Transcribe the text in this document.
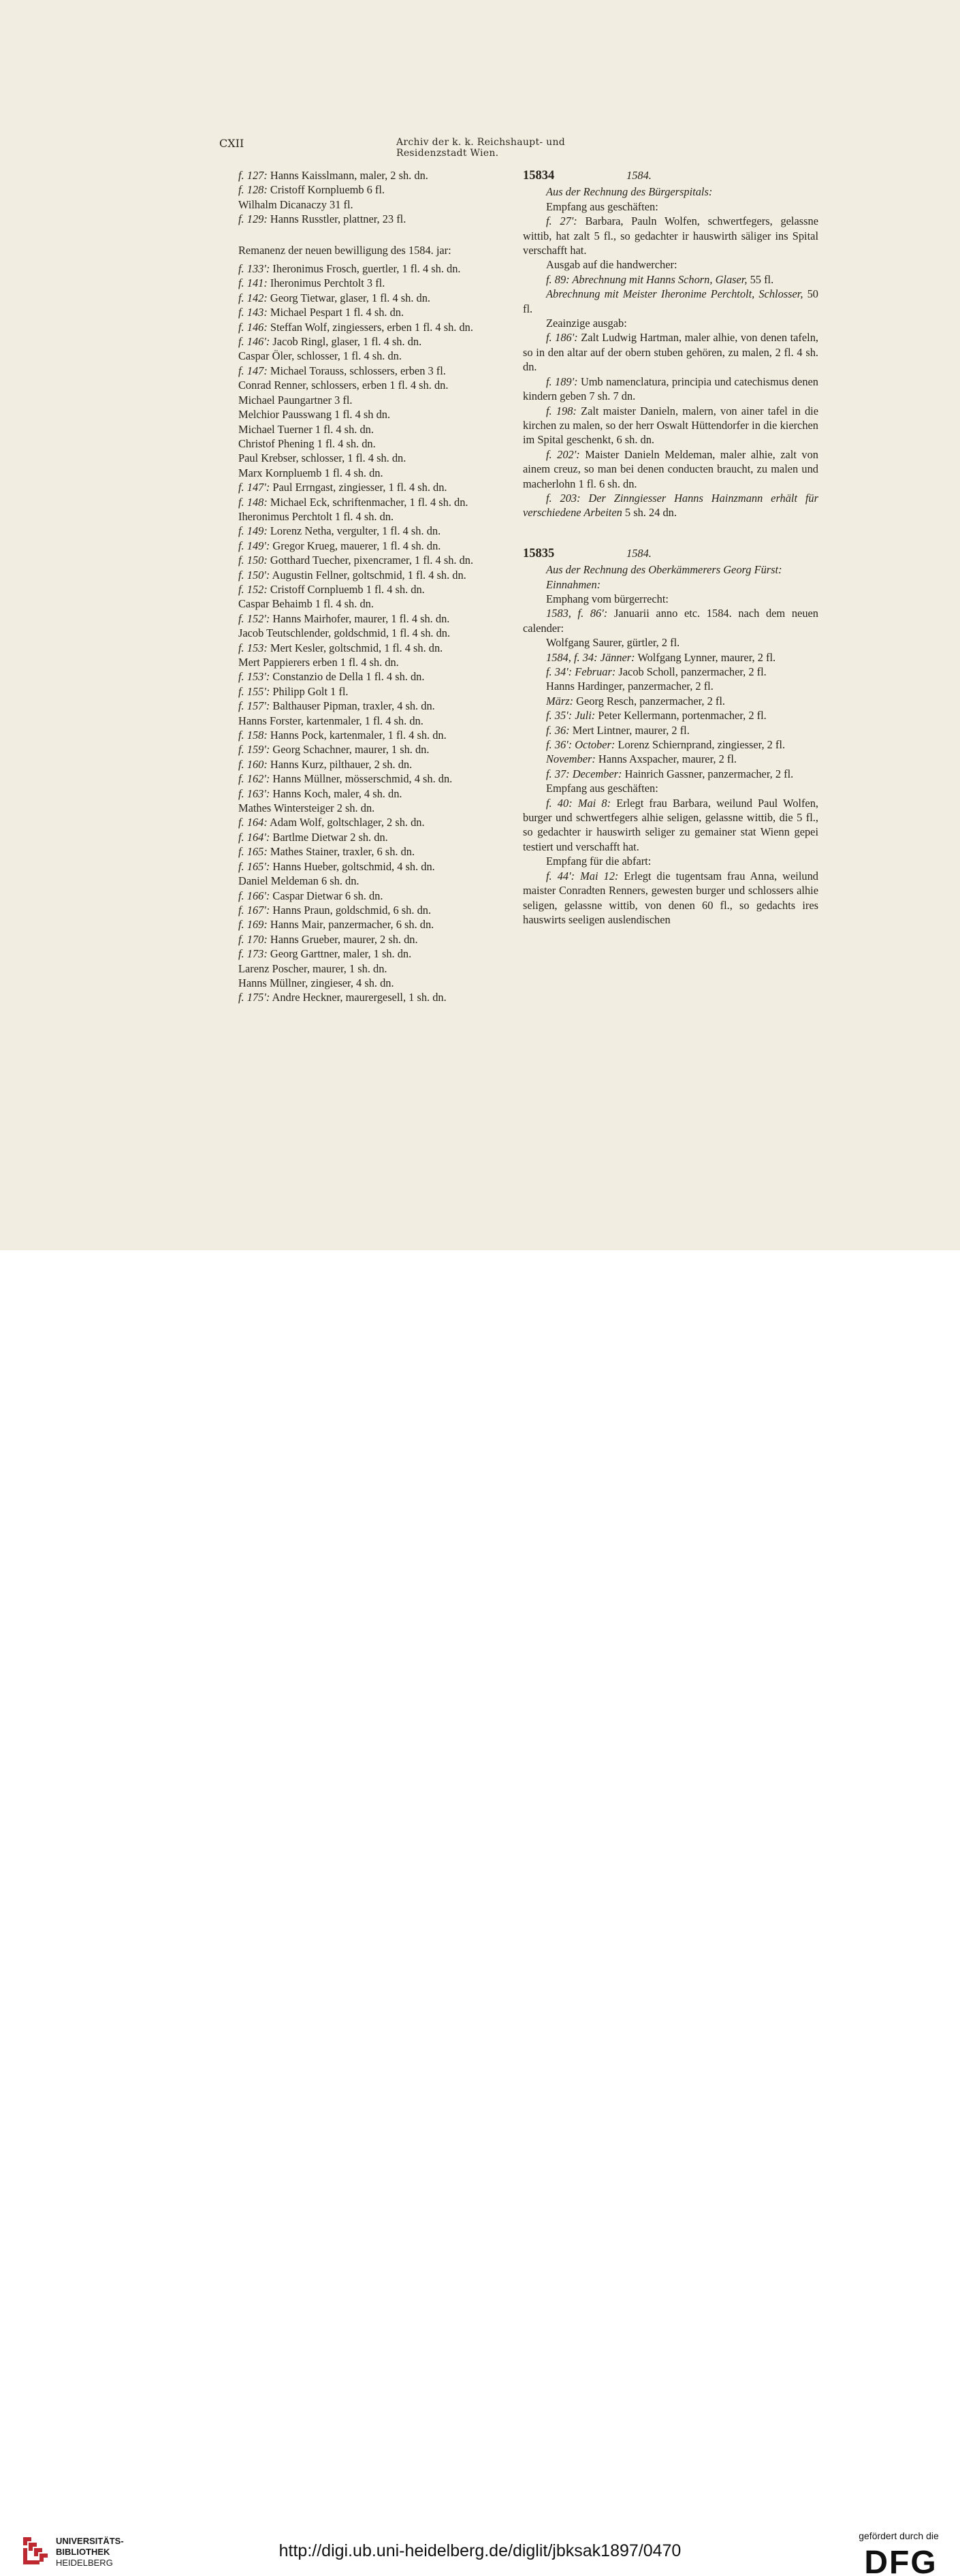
CXII	Archiv der k. k. Reichshaupt- und Residenzstadt Wien.

f. 127: Hanns Kaisslmann, maler, 2 sh. dn.

f. 128: Cristoff Kornpluemb 6 fl.

Wilhalm Dicanaczy 31 fl.

f. 129: Hanns Russtler, plattner, 23 fl.

Remanenz der neuen bewilligung des 1584. jar:

f. 133': Iheronimus Frosch, guertler, 1 fl. 4 sh. dn.

f. 141: Iheronimus Perchtolt 3 fl.

f. 142: Georg Tietwar, glaser, 1 fl. 4 sh. dn.

f. 143: Michael Pespart 1 fl. 4 sh. dn.

f. 146: Steffan Wolf, zingiessers, erben 1 fl. 4 sh. dn.

f. 146': Jacob Ringl, glaser, 1 fl. 4 sh. dn.

Caspar Öler, schlosser, 1 fl. 4 sh. dn.

f. 147: Michael Torauss, schlossers, erben 3 fl.

Conrad Renner, schlossers, erben 1 fl. 4 sh. dn.

Michael Paungartner 3 fl.

Melchior Pausswang 1 fl. 4 sh dn.

Michael Tuerner 1 fl. 4 sh. dn.

Christof Phening 1 fl. 4 sh. dn.

Paul Krebser, schlosser, 1 fl. 4 sh. dn.

Marx Kornpluemb 1 fl. 4 sh. dn.

f. 147': Paul Errngast, zingiesser, 1 fl. 4 sh. dn.

f. 148: Michael Eck, schriftenmacher, 1 fl. 4 sh. dn.

Iheronimus Perchtolt 1 fl. 4 sh. dn.

f. 149: Lorenz Netha, vergulter, 1 fl. 4 sh. dn.

f. 149': Gregor Krueg, mauerer, 1 fl. 4 sh. dn.

f. 150: Gotthard Tuecher, pixencramer, 1 fl. 4 sh. dn.

f. 150': Augustin Fellner, goltschmid, 1 fl. 4 sh. dn.

f. 152: Cristoff Cornpluemb 1 fl. 4 sh. dn.

Caspar Behaimb 1 fl. 4 sh. dn.

f. 152': Hanns Mairhofer, maurer, 1 fl. 4 sh. dn.

Jacob Teutschlender, goldschmid, 1 fl. 4 sh. dn.

f. 153: Mert Kesler, goltschmid, 1 fl. 4 sh. dn.

Mert Pappierers erben 1 fl. 4 sh. dn.

f. 153': Constanzio de Della 1 fl. 4 sh. dn.

f. 155': Philipp Golt 1 fl.

f. 157': Balthauser Pipman, traxler, 4 sh. dn.

Hanns Forster, kartenmaler, 1 fl. 4 sh. dn.

f. 158: Hanns Pock, kartenmaler, 1 fl. 4 sh. dn.

f. 159': Georg Schachner, maurer, 1 sh. dn.

f. 160: Hanns Kurz, pilthauer, 2 sh. dn.

f. 162': Hanns Müllner, mösserschmid, 4 sh. dn.

f. 163': Hanns Koch, maler, 4 sh. dn.

Mathes Wintersteiger 2 sh. dn.

f. 164: Adam Wolf, goltschlager, 2 sh. dn.

f. 164': Bartlme Dietwar 2 sh. dn.

f. 165: Mathes Stainer, traxler, 6 sh. dn.

f. 165': Hanns Hueber, goltschmid, 4 sh. dn.

Daniel Meldeman 6 sh. dn.

f. 166': Caspar Dietwar 6 sh. dn.

f. 167': Hanns Praun, goldschmid, 6 sh. dn.

f. 169: Hanns Mair, panzermacher, 6 sh. dn.

f. 170: Hanns Grueber, maurer, 2 sh. dn.

f. 173: Georg Garttner, maler, 1 sh. dn.

Larenz Poscher, maurer, 1 sh. dn.

Hanns Müllner, zingieser, 4 sh. dn.

f. 175': Andre Heckner, maurergesell, 1 sh. dn.

15834	1584.

Aus der Rechnung des Bürgerspitals:

Empfang aus geschäften:

f. 27': Barbara, Pauln Wolfen, schwertfegers, gelassne wittib, hat zalt 5 fl., so gedachter ir hauswirth säliger ins Spital verschafft hat.

Ausgab auf die handwercher:

f. 89: Abrechnung mit Hanns Schorn, Glaser, 55 fl.

Abrechnung mit Meister Iheronime Perchtolt, Schlosser, 50 fl.

Zeainzige ausgab:

f. 186': Zalt Ludwig Hartman, maler alhie, von denen tafeln, so in den altar auf der obern stuben gehören, zu malen, 2 fl. 4 sh. dn.

f. 189': Umb namenclatura, principia und catechismus denen kindern geben 7 sh. 7 dn.

f. 198: Zalt maister Danieln, malern, von ainer tafel in die kirchen zu malen, so der herr Oswalt Hüttendorfer in die kierchen im Spital geschenkt, 6 sh. dn.

f. 202': Maister Danieln Meldeman, maler alhie, zalt von ainem creuz, so man bei denen conducten braucht, zu malen und macherlohn 1 fl. 6 sh. dn.

f. 203: Der Zinngiesser Hanns Hainzmann erhält für verschiedene Arbeiten 5 sh. 24 dn.

15835	1584.

Aus der Rechnung des Oberkämmerers Georg Fürst:

Einnahmen:

Emphang vom bürgerrecht:

1583, f. 86': Januarii anno etc. 1584. nach dem neuen calender:

Wolfgang Saurer, gürtler, 2 fl.

1584, f. 34: Jänner: Wolfgang Lynner, maurer, 2 fl.

f. 34': Februar: Jacob Scholl, panzermacher, 2 fl.

Hanns Hardinger, panzermacher, 2 fl.

März: Georg Resch, panzermacher, 2 fl.

f. 35': Juli: Peter Kellermann, portenmacher, 2 fl.

f. 36: Mert Lintner, maurer, 2 fl.

f. 36': October: Lorenz Schiernprand, zingiesser, 2 fl.

November: Hanns Axspacher, maurer, 2 fl.

f. 37: December: Hainrich Gassner, panzermacher, 2 fl.

Empfang aus geschäften:

f. 40: Mai 8: Erlegt frau Barbara, weilund Paul Wolfen, burger und schwertfegers alhie seligen, gelassne wittib, die 5 fl., so gedachter ir hauswirth seliger zu gemainer stat Wienn gepei testiert und verschafft hat.

Empfang für die abfart:

f. 44': Mai 12: Erlegt die tugentsam frau Anna, weilund maister Conradten Renners, gewesten burger und schlossers alhie seligen, gelassne wittib, von denen 60 fl., so gedachts ires hauswirts seeligen auslendischen

UNIVERSITÄTS-
BIBLIOTHEK
HEIDELBERG
http://digi.ub.uni-heidelberg.de/diglit/jbksak1897/0470
gefördert durch die
DFG
